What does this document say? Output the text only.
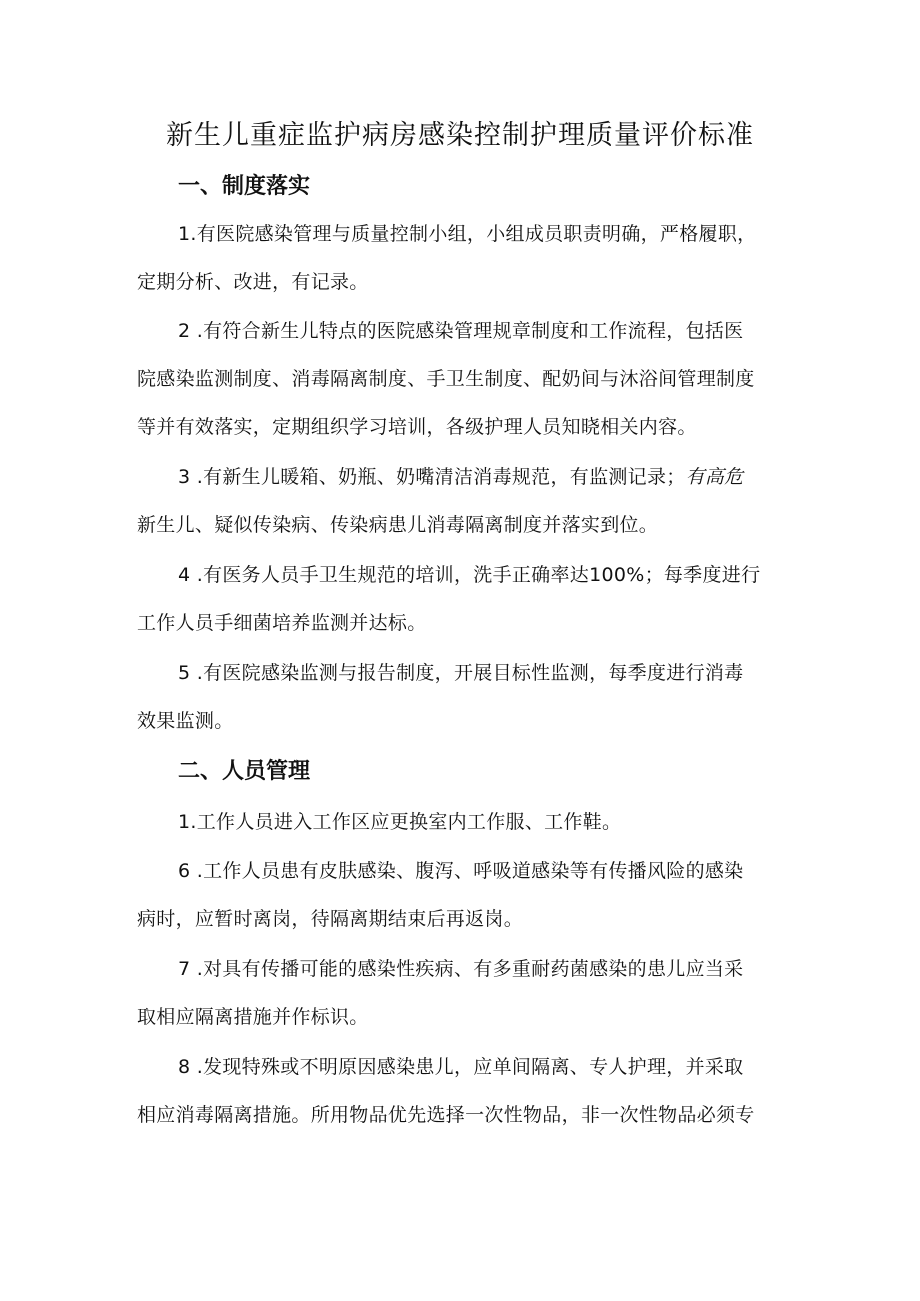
新生儿重症监护病房感染控制护理质量评价标准
一、制度落实
1.有医院感染管理与质量控制小组，小组成员职责明确，严格履职，
定期分析、改进，有记录。
2 .有符合新生儿特点的医院感染管理规章制度和工作流程，包括医
院感染监测制度、消毒隔离制度、手卫生制度、配奶间与沐浴间管理制度
等并有效落实，定期组织学习培训，各级护理人员知晓相关内容。
3 .有新生儿暖箱、奶瓶、奶嘴清洁消毒规范，有监测记录；有高危
新生儿、疑似传染病、传染病患儿消毒隔离制度并落实到位。
4 .有医务人员手卫生规范的培训，洗手正确率达100%；每季度进行
工作人员手细菌培养监测并达标。
5 .有医院感染监测与报告制度，开展目标性监测，每季度进行消毒
效果监测。
二、人员管理
1.工作人员进入工作区应更换室内工作服、工作鞋。
6 .工作人员患有皮肤感染、腹泻、呼吸道感染等有传播风险的感染
病时，应暂时离岗，待隔离期结束后再返岗。
7 .对具有传播可能的感染性疾病、有多重耐药菌感染的患儿应当采
取相应隔离措施并作标识。
8 .发现特殊或不明原因感染患儿，应单间隔离、专人护理，并采取
相应消毒隔离措施。所用物品优先选择一次性物品，非一次性物品必须专
